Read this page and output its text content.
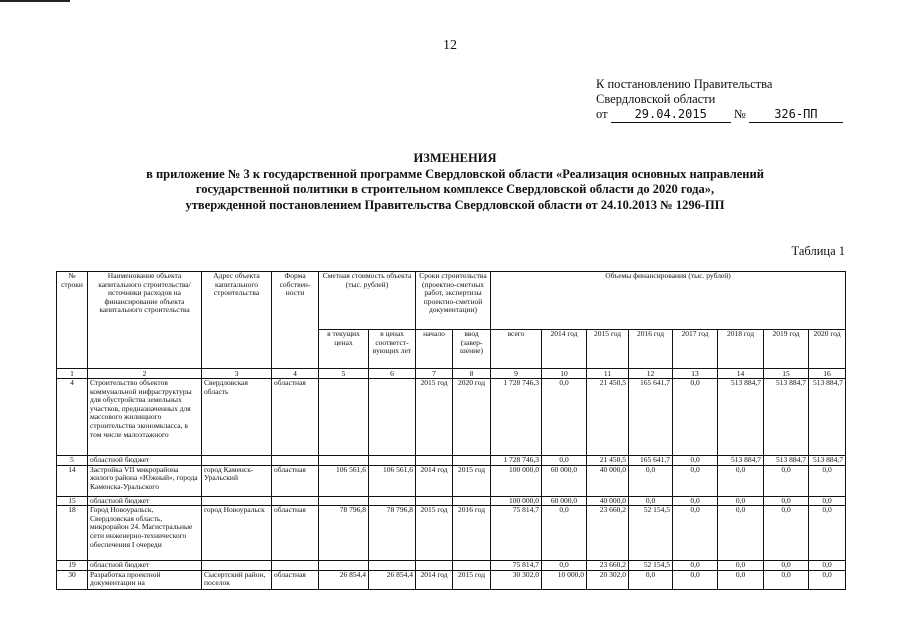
12
К постановлению Правительства
Свердловской области
от 29.04.2015 № 326-ПП
ИЗМЕНЕНИЯ
в приложение № 3 к государственной программе Свердловской области «Реализация основных направлений
государственной политики в строительном комплексе Свердловской области до 2020 года»,
утвержденной постановлением Правительства Свердловской области от 24.10.2013 № 1296-ПП
Таблица 1
№ строки	Наименование объекта капитального строительства/ источники расходов на финансирование объекта капитального строительства	Адрес объекта капитального строительства	Форма собствен-ности	Сметная стоимость объекта (тыс. рублей)		Сроки строительства (проектно-сметных работ, экспертизы проектно-сметной документации)		Объемы финансирования (тыс. рублей)							
				в текущих ценах	в ценах соответст-вующих лет	начало	ввод (завер-шение)	всего	2014 год	2015 год	2016 год	2017 год	2018 год	2019 год	2020 год
1	2	3	4	5	6	7	8	9	10	11	12	13	14	15	16
4	Строительство объектов коммунальной инфраструктуры для обустройства земельных участков, предназначенных для массового жилищного строительства экономкласса, в том числе малоэтажного	Свердловская область	областная			2015 год	2020 год	1 728 746,3	0,0	21 450,5	165 641,7	0,0	513 884,7	513 884,7	513 884,7
5	областной бюджет							1 728 746,3	0,0	21 450,5	165 641,7	0,0	513 884,7	513 884,7	513 884,7
14	Застройка VII микрорайона жилого района «Южный», города Каменска-Уральского	город Каменск-Уральский	областная	106 561,6	106 561,6	2014 год	2015 год	100 000,0	60 000,0	40 000,0	0,0	0,0	0,0	0,0	0,0
15	областной бюджет							100 000,0	60 000,0	40 000,0	0,0	0,0	0,0	0,0	0,0
18	Город Новоуральск, Свердловская область, микрорайон 24. Магистральные сети инженерно-технического обеспечения I очереди	город Новоуральск	областная	78 796,8	78 796,8	2015 год	2016 год	75 814,7	0,0	23 660,2	52 154,5	0,0	0,0	0,0	0,0
19	областной бюджет							75 814,7	0,0	23 660,2	52 154,5	0,0	0,0	0,0	0,0
30	Разработка проектной документации на	Сысертский район, поселок	областная	26 854,4	26 854,4	2014 год	2015 год	30 302,0	10 000,0	20 302,0	0,0	0,0	0,0	0,0	0,0
